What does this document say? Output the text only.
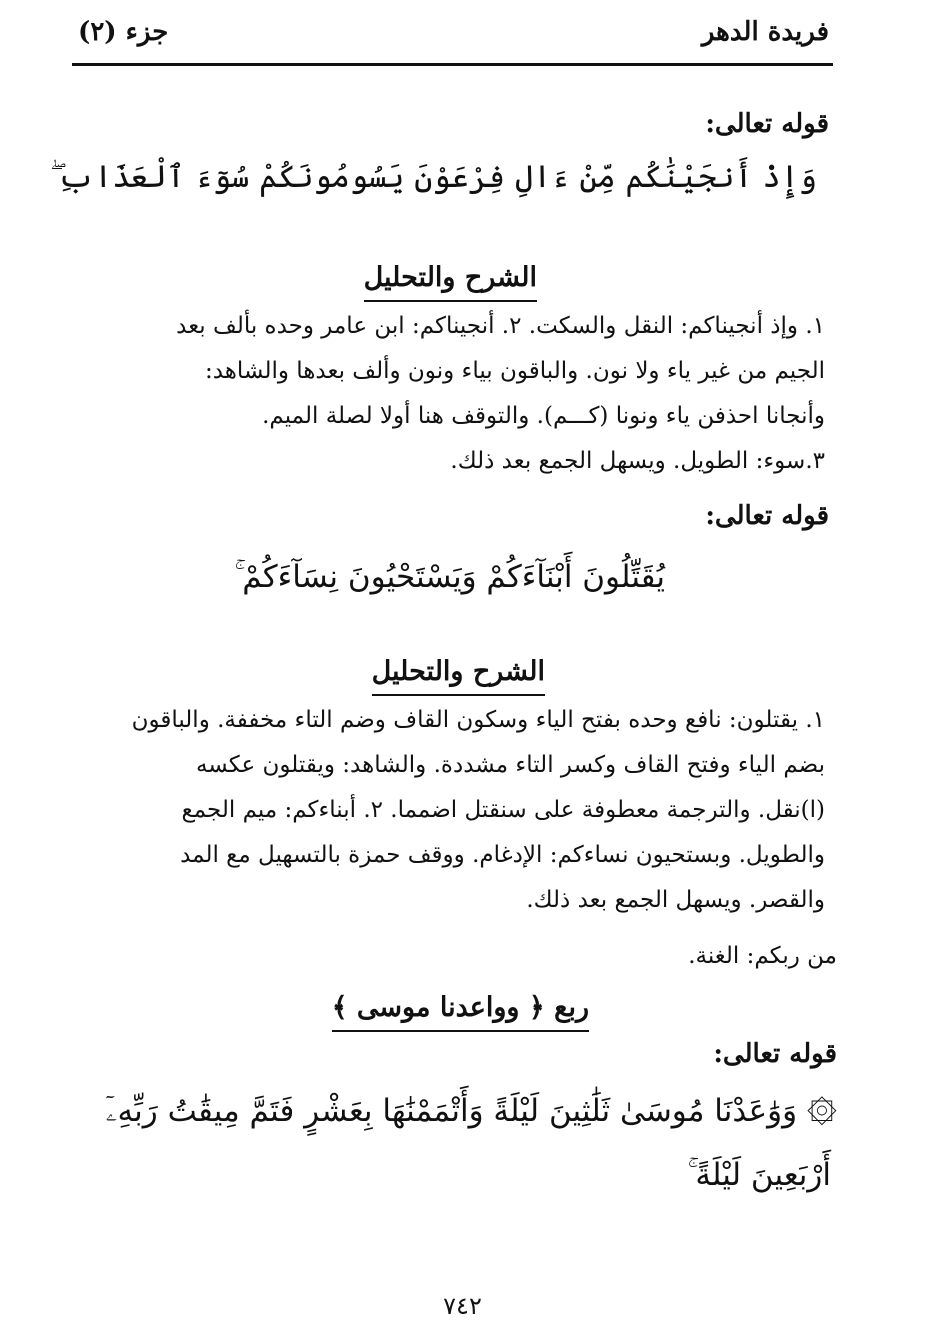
فريدة الدهر
جزء (٢)
قوله تعالى:
وَإِذْ أَنجَيْنَٰكُم مِّنْ ءَالِ فِرْعَوْنَ يَسُومُونَكُمْ سُوٓءَ ٱلْعَذَابِ ۖ
الشرح والتحليل

١. وإذ أنجيناكم: النقل والسكت. ٢. أنجيناكم: ابن عامر وحده بألف بعد

الجيم من غير ياء ولا نون. والباقون بياء ونون وألف بعدها والشاهد:

وأنجانا احذفن ياء ونونا (كـــم). والتوقف هنا أولا لصلة الميم.

٣.سوء: الطويل. ويسهل الجمع بعد ذلك.

قوله تعالى:
يُقَتِّلُونَ أَبْنَآءَكُمْ وَيَسْتَحْيُونَ نِسَآءَكُمْ ۚ
الشرح والتحليل

١. يقتلون: نافع وحده بفتح الياء وسكون القاف وضم التاء مخففة. والباقون

بضم الياء وفتح القاف وكسر التاء مشددة. والشاهد: ويقتلون عكسه

(ا)نقل. والترجمة معطوفة على سنقتل اضمما. ٢. أبناءكم: ميم الجمع

والطويل. وبستحيون نساءكم: الإدغام. ووقف حمزة بالتسهيل مع المد

والقصر. ويسهل الجمع بعد ذلك.

من ربكم: الغنة.
ربع ﴿ وواعدنا موسى ﴾
قوله تعالى:
۞ وَوَٰعَدْنَا مُوسَىٰ ثَلَٰثِينَ لَيْلَةً وَأَتْمَمْنَٰهَا بِعَشْرٍ فَتَمَّ مِيقَٰتُ رَبِّهِۦٓ
أَرْبَعِينَ لَيْلَةً ۚ
٧٤٢
